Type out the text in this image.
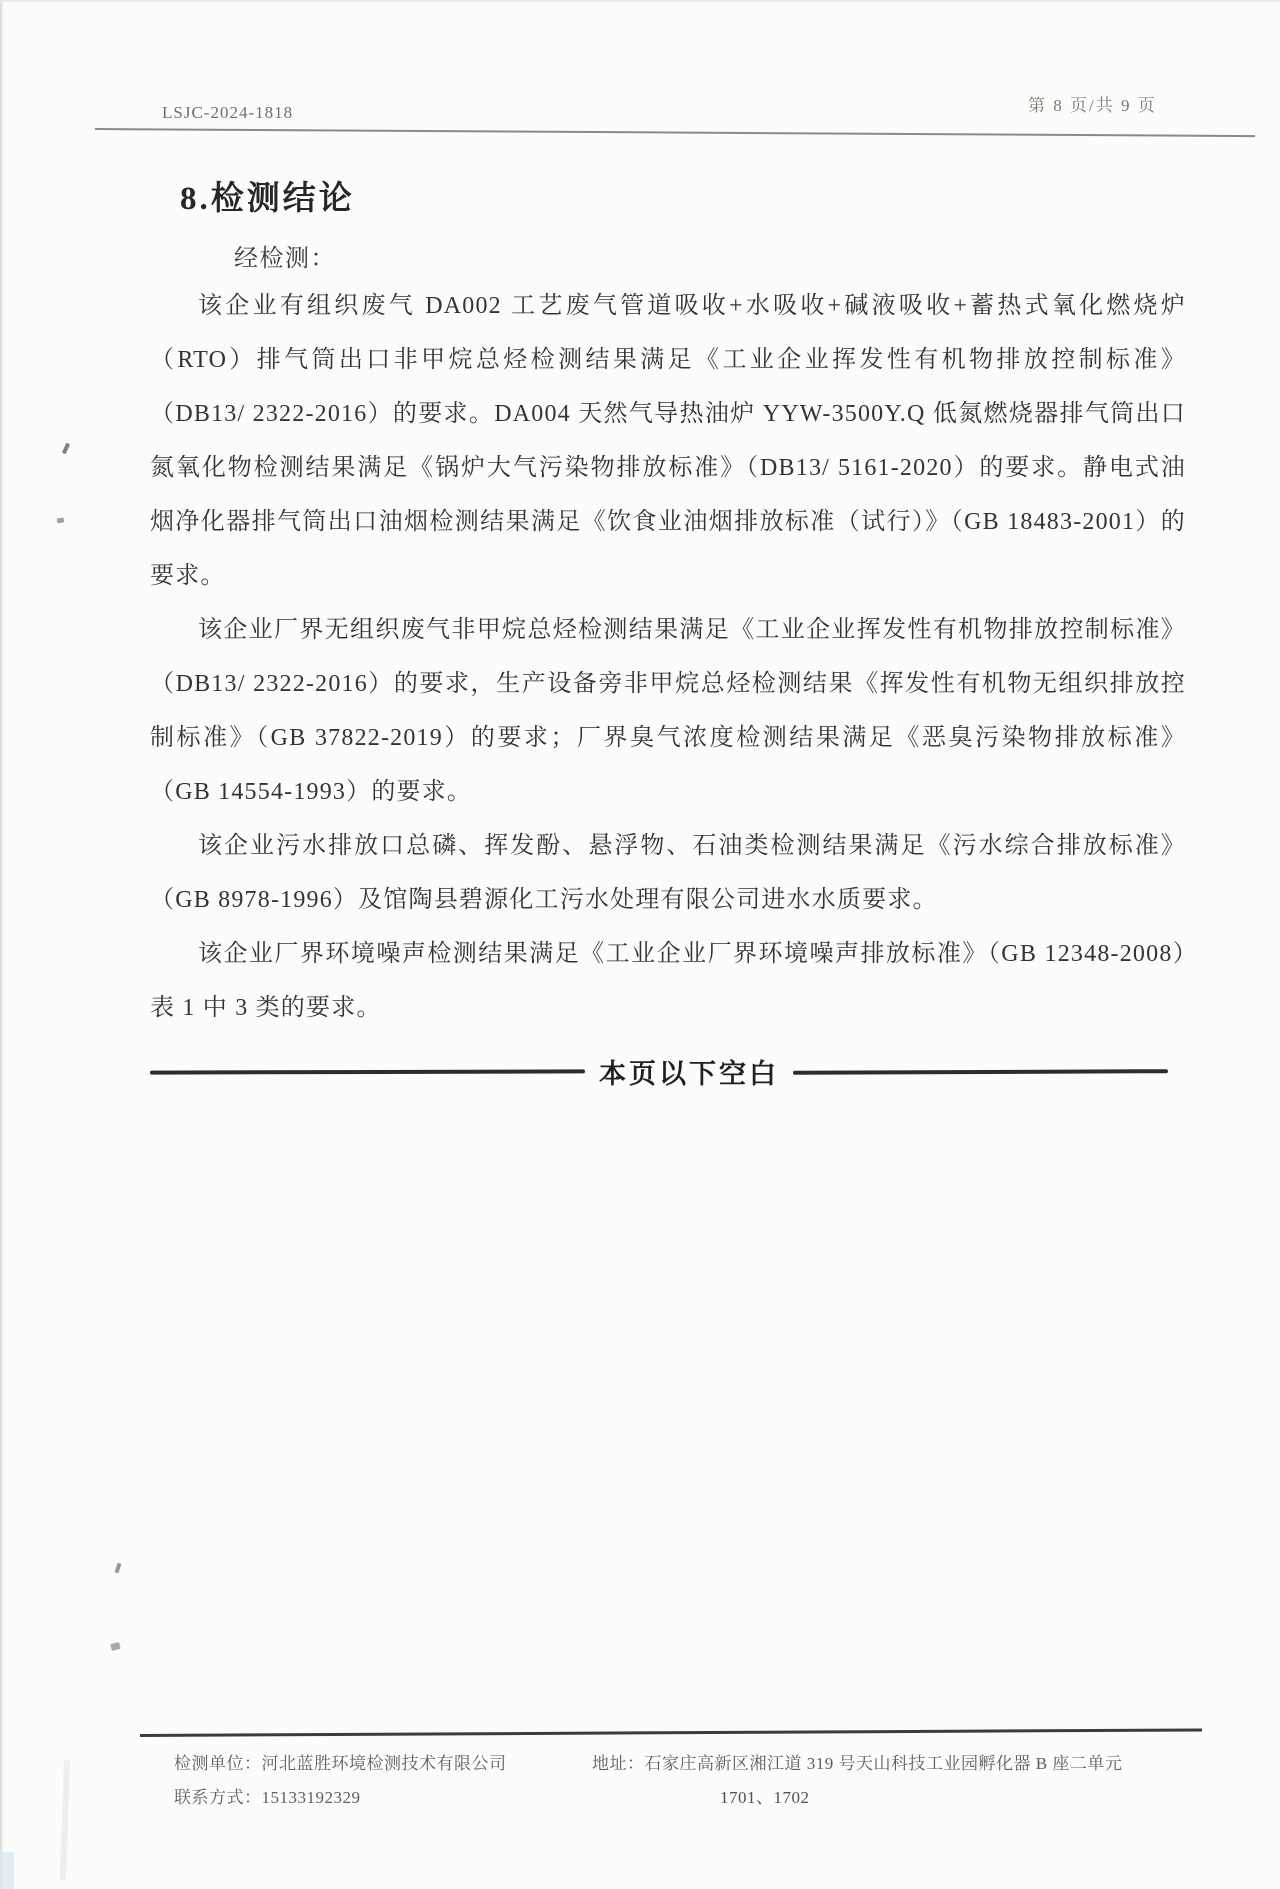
LSJC-2024-1818	第 8 页/共 9 页
8.检测结论
经检测：

该企业有组织废气 DA002 工艺废气管道吸收+水吸收+碱液吸收+蓄热式氧化燃烧炉（RTO）排气筒出口非甲烷总烃检测结果满足《工业企业挥发性有机物排放控制标准》（DB13/ 2322-2016）的要求。DA004 天然气导热油炉 YYW-3500Y.Q 低氮燃烧器排气筒出口氮氧化物检测结果满足《锅炉大气污染物排放标准》（DB13/ 5161-2020）的要求。静电式油烟净化器排气筒出口油烟检测结果满足《饮食业油烟排放标准（试行）》（GB 18483-2001）的要求。

该企业厂界无组织废气非甲烷总烃检测结果满足《工业企业挥发性有机物排放控制标准》（DB13/ 2322-2016）的要求，生产设备旁非甲烷总烃检测结果《挥发性有机物无组织排放控制标准》（GB 37822-2019）的要求；厂界臭气浓度检测结果满足《恶臭污染物排放标准》（GB 14554-1993）的要求。

该企业污水排放口总磷、挥发酚、悬浮物、石油类检测结果满足《污水综合排放标准》（GB 8978-1996）及馆陶县碧源化工污水处理有限公司进水水质要求。

该企业厂界环境噪声检测结果满足《工业企业厂界环境噪声排放标准》（GB 12348-2008）表 1 中 3 类的要求。

本页以下空白
检测单位：河北蓝胜环境检测技术有限公司
联系方式：15133192329
地址：石家庄高新区湘江道 319 号天山科技工业园孵化器 B 座二单元
1701、1702
